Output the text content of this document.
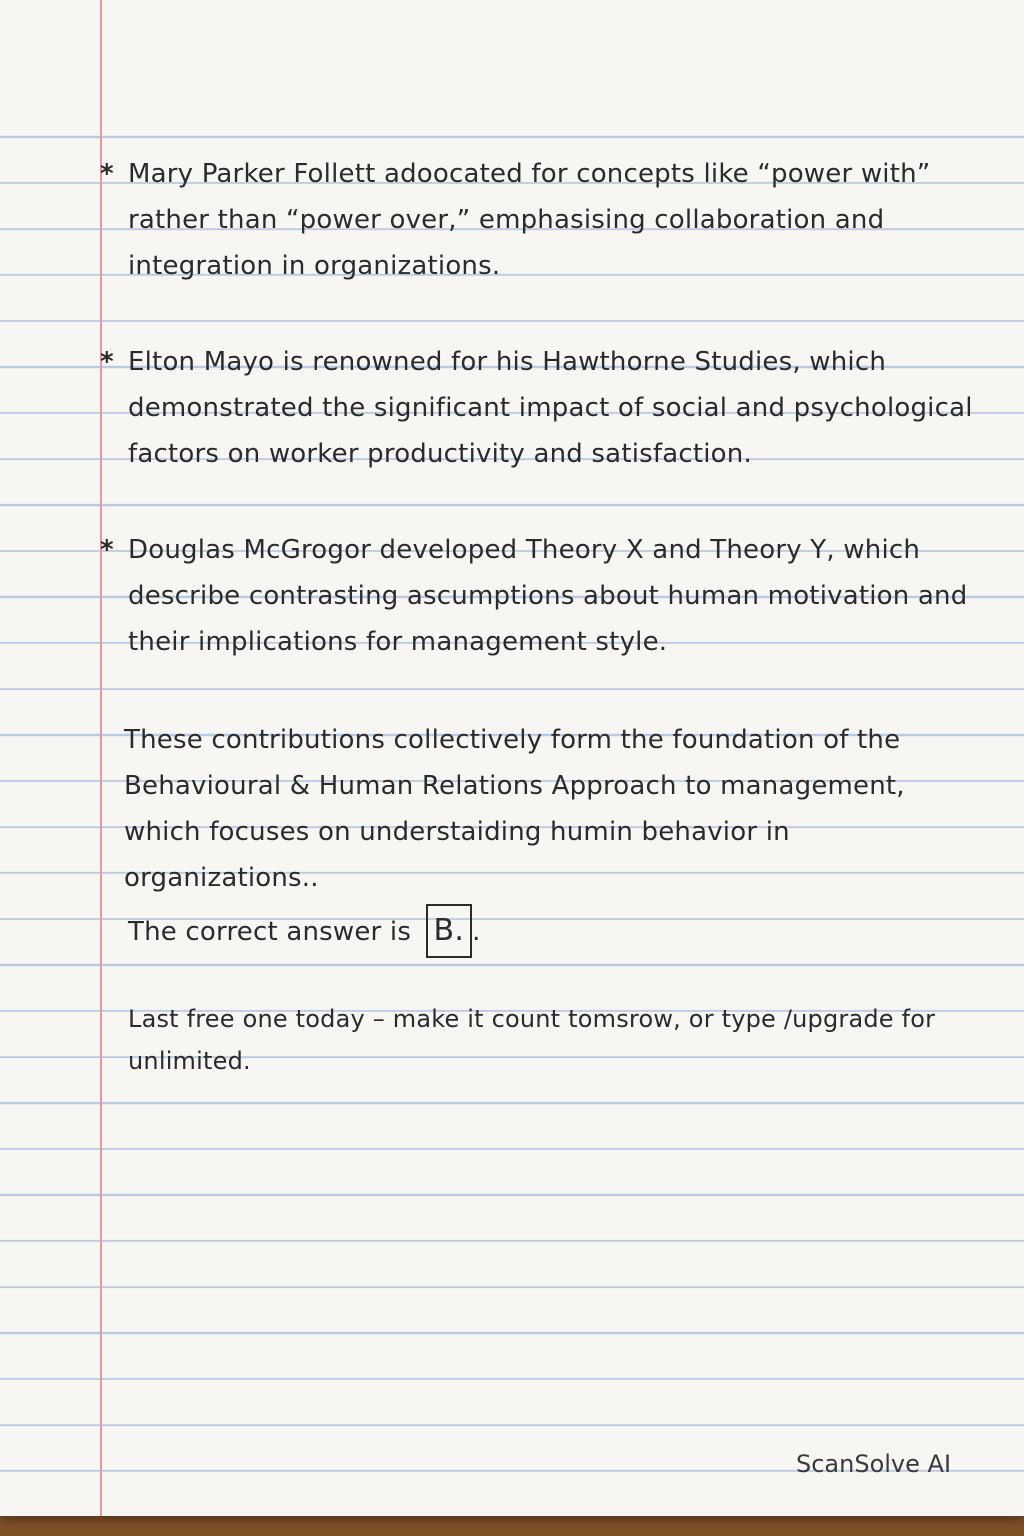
* Mary Parker Follett adoocated for concepts like “power with” rather than “power over,” emphasising collaboration and integration in organizations.
* Elton Mayo is renowned for his Hawthorne Studies, which demonstrated the significant impact of social and psychological factors on worker productivity and satisfaction.
* Douglas McGrogor developed Theory X and Theory Y, which describe contrasting ascumptions about human motivation and their implications for management style.
These contributions collectively form the foundation of the Behavioural & Human Relations Approach to management, which focuses on understaiding humin behavior in organizations..
The correct answer is B. .
Last free one today – make it count tomsrow, or type /upgrade for unlimited.
ScanSolve AI
